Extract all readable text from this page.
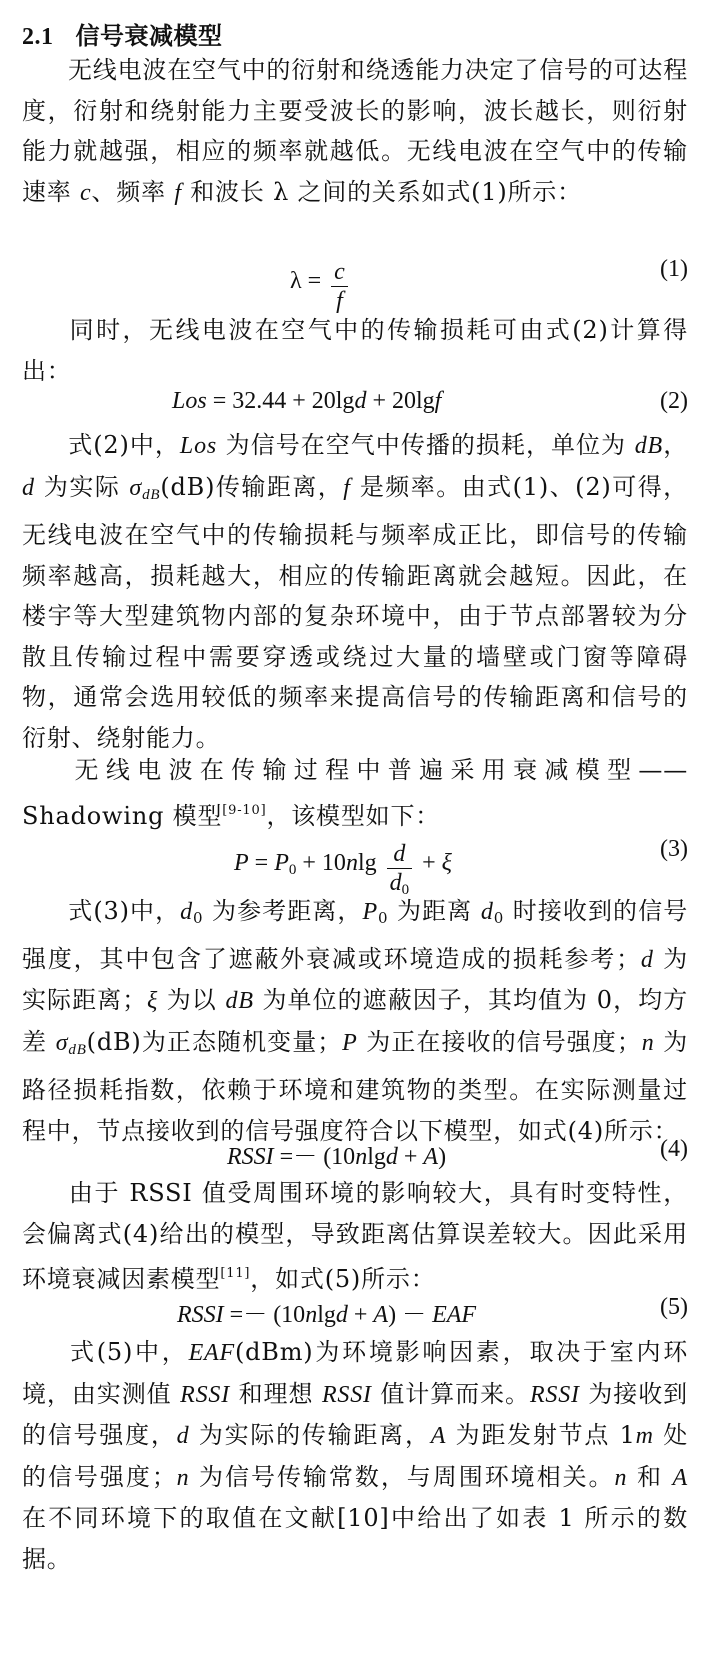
2.1 信号衰减模型

无线电波在空气中的衍射和绕透能力决定了信号的可达程度，衍射和绕射能力主要受波长的影响，波长越长，则衍射能力就越强，相应的频率就越低。无线电波在空气中的传输速率 c、频率 f 和波长 λ 之间的关系如式(1)所示：

$\lambda = \frac{c}{f}$	(1)

同时，无线电波在空气中的传输损耗可由式(2)计算得出：

Los = 32.44 + 20lgd + 20lgf	(2)

式(2)中，Los 为信号在空气中传播的损耗，单位为 dB，d 为实际 $\sigma_{dB}(dB)$传输距离，f 是频率。由式(1)、(2)可得，无线电波在空气中的传输损耗与频率成正比，即信号的传输频率越高，损耗越大，相应的传输距离就会越短。因此，在楼宇等大型建筑物内部的复杂环境中，由于节点部署较为分散且传输过程中需要穿透或绕过大量的墙壁或门窗等障碍物，通常会选用较低的频率来提高信号的传输距离和信号的衍射、绕射能力。

无线电波在传输过程中普遍采用衰减模型——Shadowing 模型[9-10]，该模型如下：

$P = P_0 + 10nlg \frac{d}{d_0} + \xi$
(3)

式(3)中，$d_0$ 为参考距离，$P_0$ 为距离 $d_0$ 时接收到的信号强度，其中包含了遮蔽外衰减或环境造成的损耗参考；d 为实际距离；ξ 为以 dB 为单位的遮蔽因子，其均值为 0，均方差 $\sigma_{dB}(dB)$为正态随机变量；P 为正在接收的信号强度；n 为路径损耗指数，依赖于环境和建筑物的类型。在实际测量过程中，节点接收到的信号强度符合以下模型，如式(4)所示：

RSSI =－ (10nlgd + A)	(4)

由于 RSSI 值受周围环境的影响较大，具有时变特性，会偏离式(4)给出的模型，导致距离估算误差较大。因此采用环境衰减因素模型[11]，如式(5)所示：

RSSI =－ (10nlgd + A) － EAF	(5)

式(5)中，EAF(dBm)为环境影响因素，取决于室内环境，由实测值 RSSI 和理想 RSSI 值计算而来。RSSI 为接收到的信号强度，d 为实际的传输距离，A 为距发射节点 1m 处的信号强度；n 为信号传输常数，与周围环境相关。n 和 A 在不同环境下的取值在文献[10]中给出了如表 1 所示的数据。
